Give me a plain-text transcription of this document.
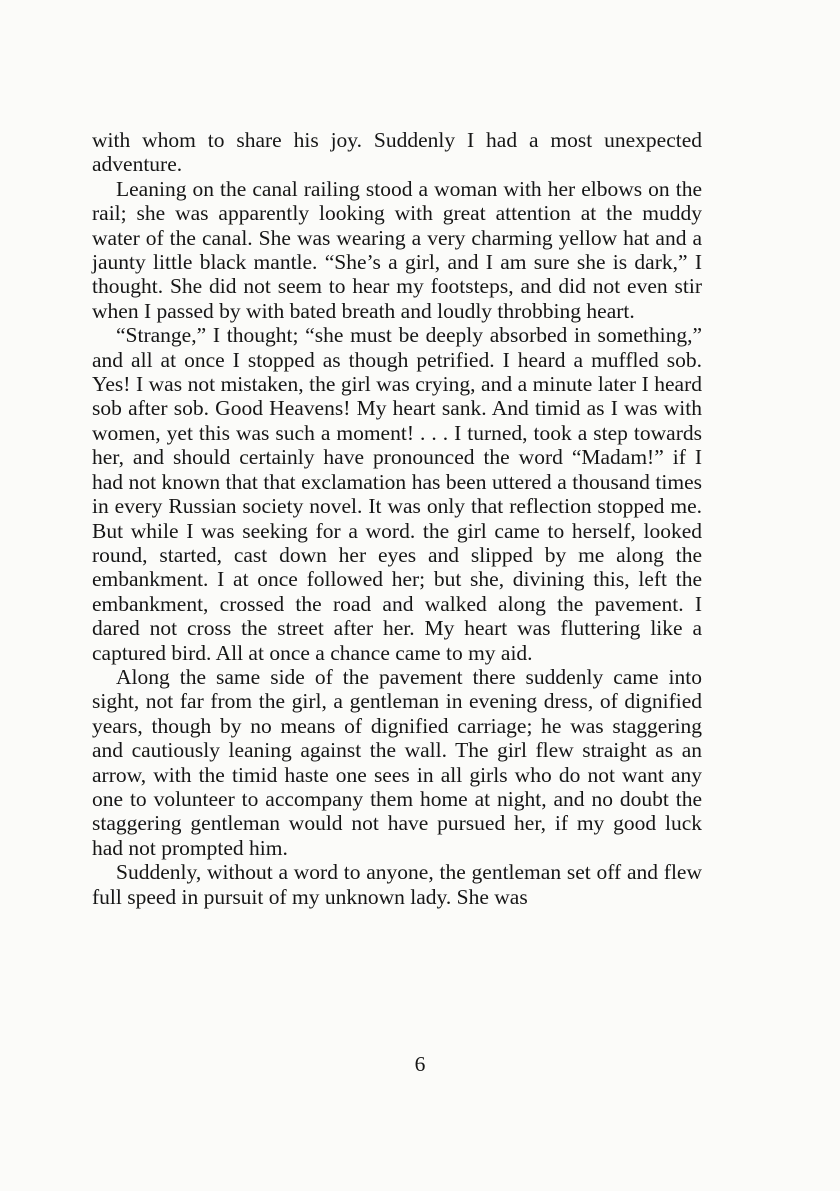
with whom to share his joy. Suddenly I had a most unexpected adventure.

Leaning on the canal railing stood a woman with her elbows on the rail; she was apparently looking with great attention at the muddy water of the canal. She was wearing a very charming yellow hat and a jaunty little black mantle. “She’s a girl, and I am sure she is dark,” I thought. She did not seem to hear my footsteps, and did not even stir when I passed by with bated breath and loudly throbbing heart.

“Strange,” I thought; “she must be deeply absorbed in something,” and all at once I stopped as though petrified. I heard a muffled sob. Yes! I was not mistaken, the girl was crying, and a minute later I heard sob after sob. Good Heavens! My heart sank. And timid as I was with women, yet this was such a moment! . . . I turned, took a step towards her, and should certainly have pronounced the word “Madam!” if I had not known that that exclamation has been uttered a thousand times in every Russian society novel. It was only that reflection stopped me. But while I was seeking for a word. the girl came to herself, looked round, started, cast down her eyes and slipped by me along the embankment. I at once followed her; but she, divining this, left the embankment, crossed the road and walked along the pavement. I dared not cross the street after her. My heart was fluttering like a captured bird. All at once a chance came to my aid.

Along the same side of the pavement there suddenly came into sight, not far from the girl, a gentleman in evening dress, of dignified years, though by no means of dignified carriage; he was staggering and cautiously leaning against the wall. The girl flew straight as an arrow, with the timid haste one sees in all girls who do not want any one to volunteer to accompany them home at night, and no doubt the staggering gentleman would not have pursued her, if my good luck had not prompted him.

Suddenly, without a word to anyone, the gentleman set off and flew full speed in pursuit of my unknown lady. She was

6
